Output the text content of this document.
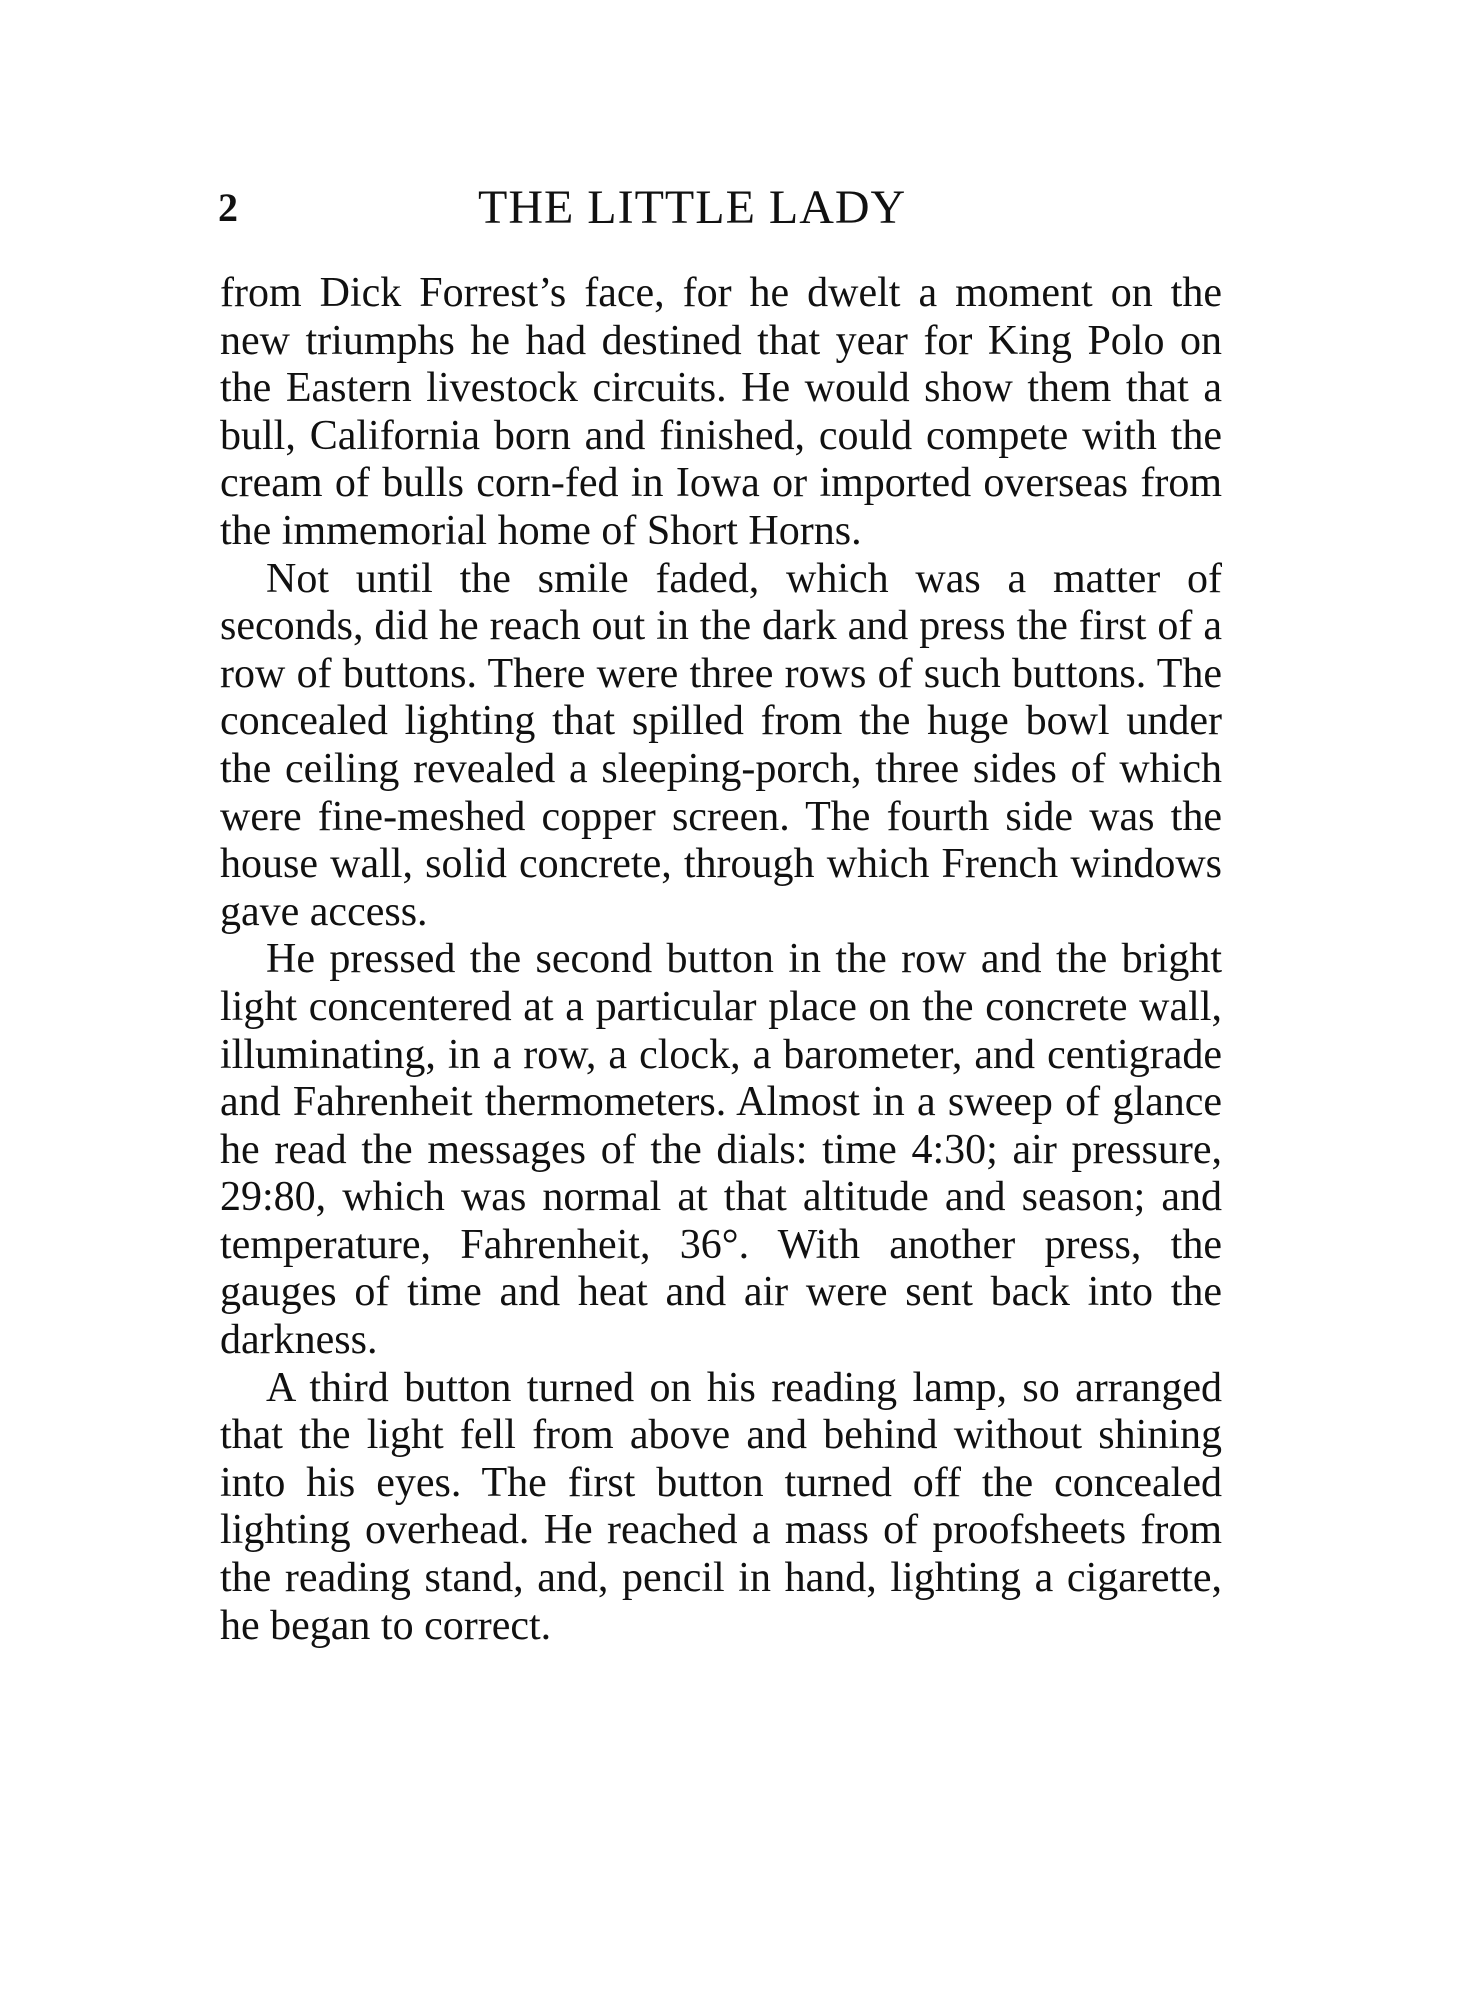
2	THE LITTLE LADY

from Dick Forrest’s face, for he dwelt a moment on the new triumphs he had destined that year for King Polo on the Eastern livestock circuits. He would show them that a bull, California born and finished, could compete with the cream of bulls corn-fed in Iowa or imported overseas from the immemorial home of Short Horns.

Not until the smile faded, which was a matter of seconds, did he reach out in the dark and press the first of a row of buttons. There were three rows of such buttons. The concealed lighting that spilled from the huge bowl under the ceiling revealed a sleeping-porch, three sides of which were fine-meshed copper screen. The fourth side was the house wall, solid concrete, through which French windows gave access.

He pressed the second button in the row and the bright light concentered at a particular place on the concrete wall, illuminating, in a row, a clock, a barometer, and centigrade and Fahrenheit thermometers. Almost in a sweep of glance he read the messages of the dials: time 4:30; air pressure, 29:80, which was normal at that altitude and season; and temperature, Fahrenheit, 36°. With another press, the gauges of time and heat and air were sent back into the darkness.

A third button turned on his reading lamp, so arranged that the light fell from above and behind without shining into his eyes. The first button turned off the concealed lighting overhead. He reached a mass of proofsheets from the reading stand, and, pencil in hand, lighting a cigarette, he began to correct.
